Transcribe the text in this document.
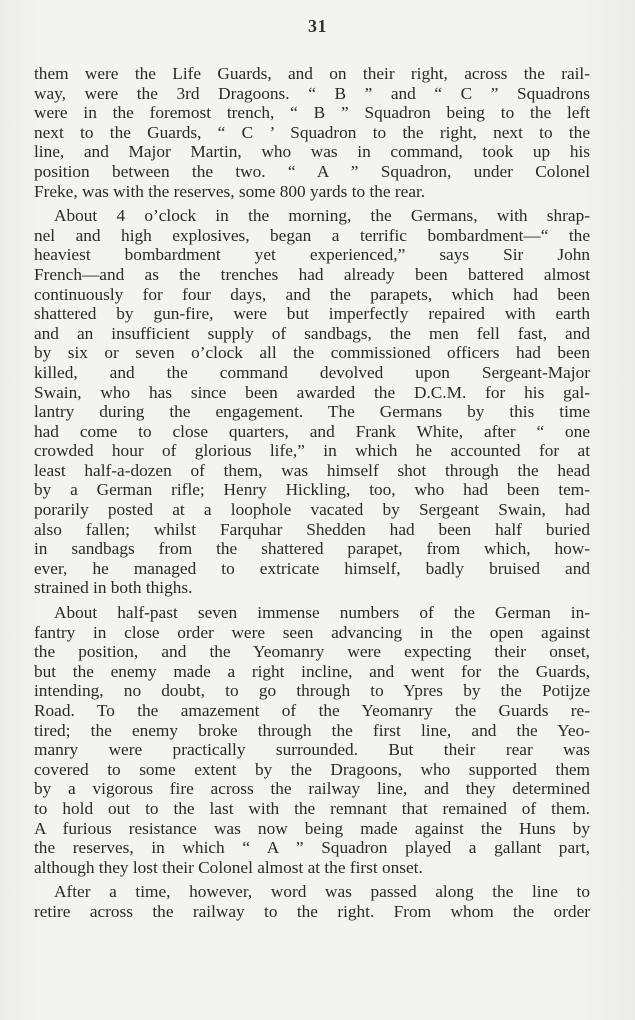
31
them were the Life Guards, and on their right, across the rail-
way, were the 3rd Dragoons. “ B ” and “ C ” Squadrons
were in the foremost trench, “ B ” Squadron being to the left
next to the Guards, “ C ’ Squadron to the right, next to the
line, and Major Martin, who was in command, took up his
position between the two. “ A ” Squadron, under Colonel
Freke, was with the reserves, some 800 yards to the rear.
About 4 o’clock in the morning, the Germans, with shrap-
nel and high explosives, began a terrific bombardment—“ the
heaviest bombardment yet experienced,” says Sir John
French—and as the trenches had already been battered almost
continuously for four days, and the parapets, which had been
shattered by gun-fire, were but imperfectly repaired with earth
and an insufficient supply of sandbags, the men fell fast, and
by six or seven o’clock all the commissioned officers had been
killed, and the command devolved upon Sergeant-Major
Swain, who has since been awarded the D.C.M. for his gal-
lantry during the engagement. The Germans by this time
had come to close quarters, and Frank White, after “ one
crowded hour of glorious life,” in which he accounted for at
least half-a-dozen of them, was himself shot through the head
by a German rifle; Henry Hickling, too, who had been tem-
porarily posted at a loophole vacated by Sergeant Swain, had
also fallen; whilst Farquhar Shedden had been half buried
in sandbags from the shattered parapet, from which, how-
ever, he managed to extricate himself, badly bruised and
strained in both thighs.
About half-past seven immense numbers of the German in-
fantry in close order were seen advancing in the open against
the position, and the Yeomanry were expecting their onset,
but the enemy made a right incline, and went for the Guards,
intending, no doubt, to go through to Ypres by the Potijze
Road. To the amazement of the Yeomanry the Guards re-
tired; the enemy broke through the first line, and the Yeo-
manry were practically surrounded. But their rear was
covered to some extent by the Dragoons, who supported them
by a vigorous fire across the railway line, and they determined
to hold out to the last with the remnant that remained of them.
A furious resistance was now being made against the Huns by
the reserves, in which “ A ” Squadron played a gallant part,
although they lost their Colonel almost at the first onset.
After a time, however, word was passed along the line to
retire across the railway to the right. From whom the order
